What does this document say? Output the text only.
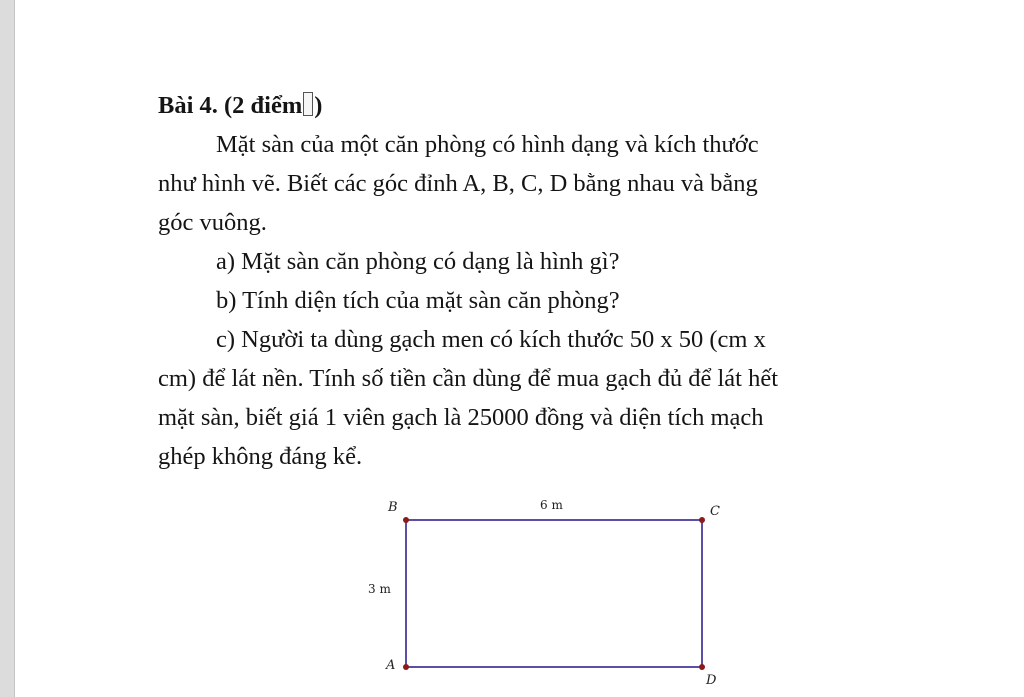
Bài 4. (2 điểm )

Mặt sàn của một căn phòng có hình dạng và kích thước

như hình vẽ. Biết các góc đỉnh A, B, C, D bằng nhau và bằng

góc vuông.

a) Mặt sàn căn phòng có dạng là hình gì?

b) Tính diện tích của mặt sàn căn phòng?

c) Người ta dùng gạch men có kích thước 50 x 50 (cm x

cm) để lát nền. Tính số tiền cần dùng để mua gạch đủ để lát hết

mặt sàn, biết giá 1 viên gạch là 25000 đồng và diện tích mạch

ghép không đáng kể.

B	C
A
D
6 m
3 m
